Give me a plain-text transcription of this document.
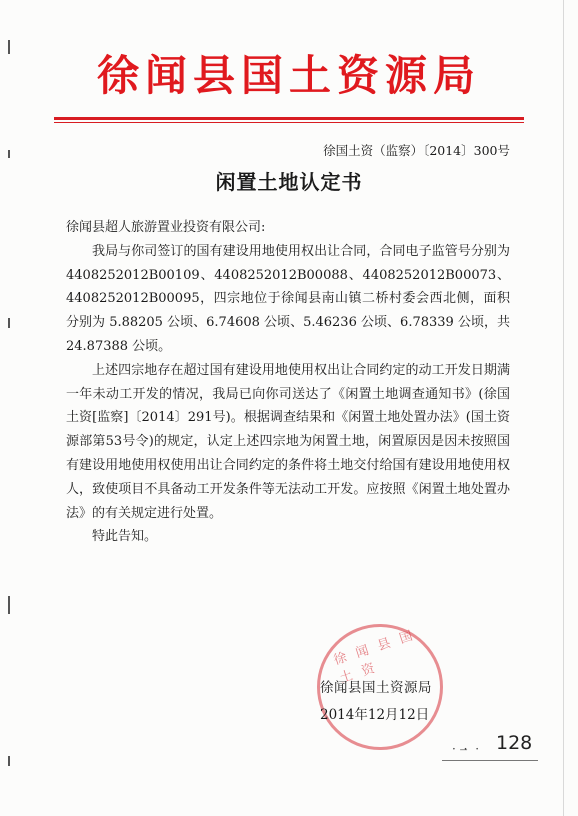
徐闻县国土资源局
徐国土资（监察）〔2014〕300号
闲置土地认定书

徐闻县超人旅游置业投资有限公司:

我局与你司签订的国有建设用地使用权出让合同，合同电子监管号分别为 4408252012B00109、4408252012B00088、4408252012B00073、4408252012B00095，四宗地位于徐闻县南山镇二桥村委会西北侧，面积分别为 5.88205 公顷、6.74608 公顷、5.46236 公顷、6.78339 公顷，共 24.87388 公顷。

上述四宗地存在超过国有建设用地使用权出让合同约定的动工开发日期满一年未动工开发的情况，我局已向你司送达了《闲置土地调查通知书》(徐国土资[监察]〔2014〕291号)。根据调查结果和《闲置土地处置办法》(国土资源部第53号令)的规定，认定上述四宗地为闲置土地，闲置原因是因未按照国有建设用地使用权使用出让合同约定的条件将土地交付给国有建设用地使用权人，致使项目不具备动工开发条件等无法动工开发。应按照《闲置土地处置办法》的有关规定进行处置。

特此告知。

徐闻县国土资
徐闻县国土资源局
2014年12月12日
· ·̶ · 128
